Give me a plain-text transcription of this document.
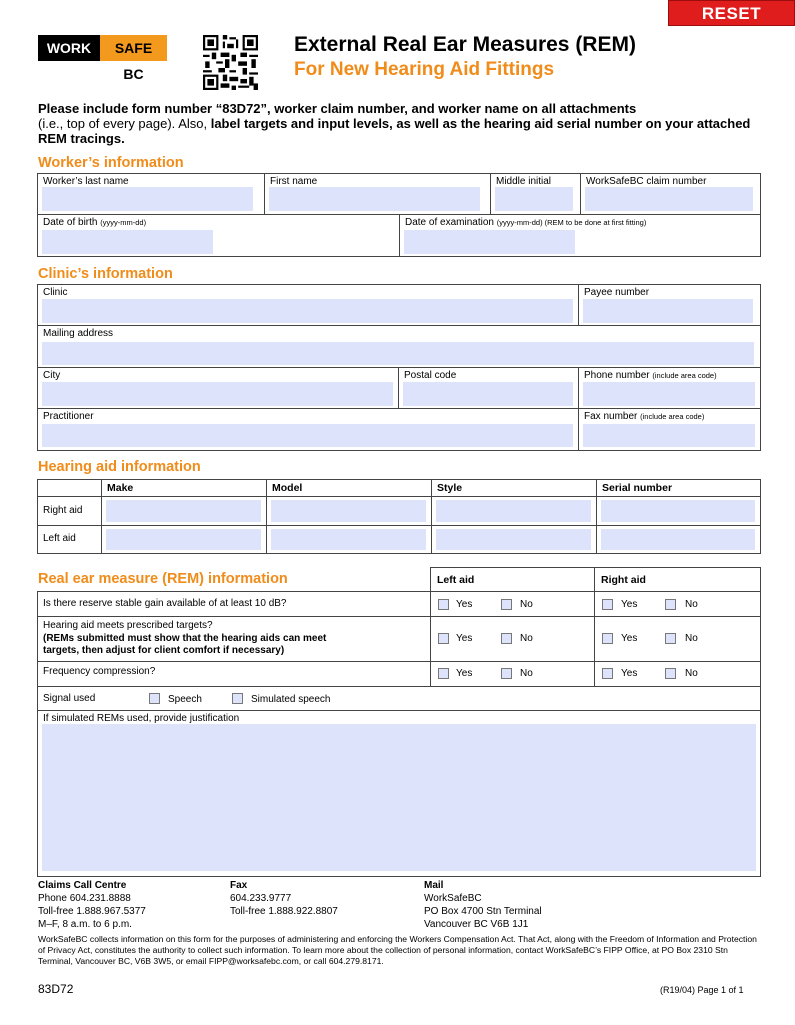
RESET
WORK	SAFE BC
External Real Ear Measures (REM)
For New Hearing Aid Fittings
Please include form number “83D72”, worker claim number, and worker name on all attachments
(i.e., top of every page). Also, label targets and input levels, as well as the hearing aid serial number on your attached REM tracings.
Worker’s information
Worker’s last name	First name	Middle initial	WorkSafeBC claim number
Date of birth (yyyy-mm-dd)	Date of examination (yyyy-mm-dd) (REM to be done at first fitting)
Clinic’s information
Clinic	Payee number
Mailing address
City	Postal code	Phone number (include area code)
Practitioner	Fax number (include area code)
Hearing aid information
Make	Model	Style	Serial number
Right aid
Left aid
Real ear measure (REM) information	Left aid	Right aid
Is there reserve stable gain available of at least 10 dB?	Yes	No	Yes	No
Hearing aid meets prescribed targets?
(REMs submitted must show that the hearing aids can meet
targets, then adjust for client comfort if necessary)
Yes	No	Yes	No
Frequency compression?	Yes	No	Yes	No
Signal used	Speech	Simulated speech
If simulated REMs used, provide justification
Claims Call Centre
Phone 604.231.8888
Toll-free 1.888.967.5377
M–F, 8 a.m. to 6 p.m.
Fax
604.233.9777
Toll-free 1.888.922.8807
Mail
WorkSafeBC
PO Box 4700 Stn Terminal
Vancouver BC V6B 1J1
WorkSafeBC collects information on this form for the purposes of administering and enforcing the Workers Compensation Act. That Act, along with the Freedom of Information and Protection of Privacy Act, constitutes the authority to collect such information. To learn more about the collection of personal information, contact WorkSafeBC’s FIPP Office, at PO Box 2310 Stn Terminal, Vancouver BC, V6B 3W5, or email FIPP@worksafebc.com, or call 604.279.8171.
83D72	(R19/04) Page 1 of 1
